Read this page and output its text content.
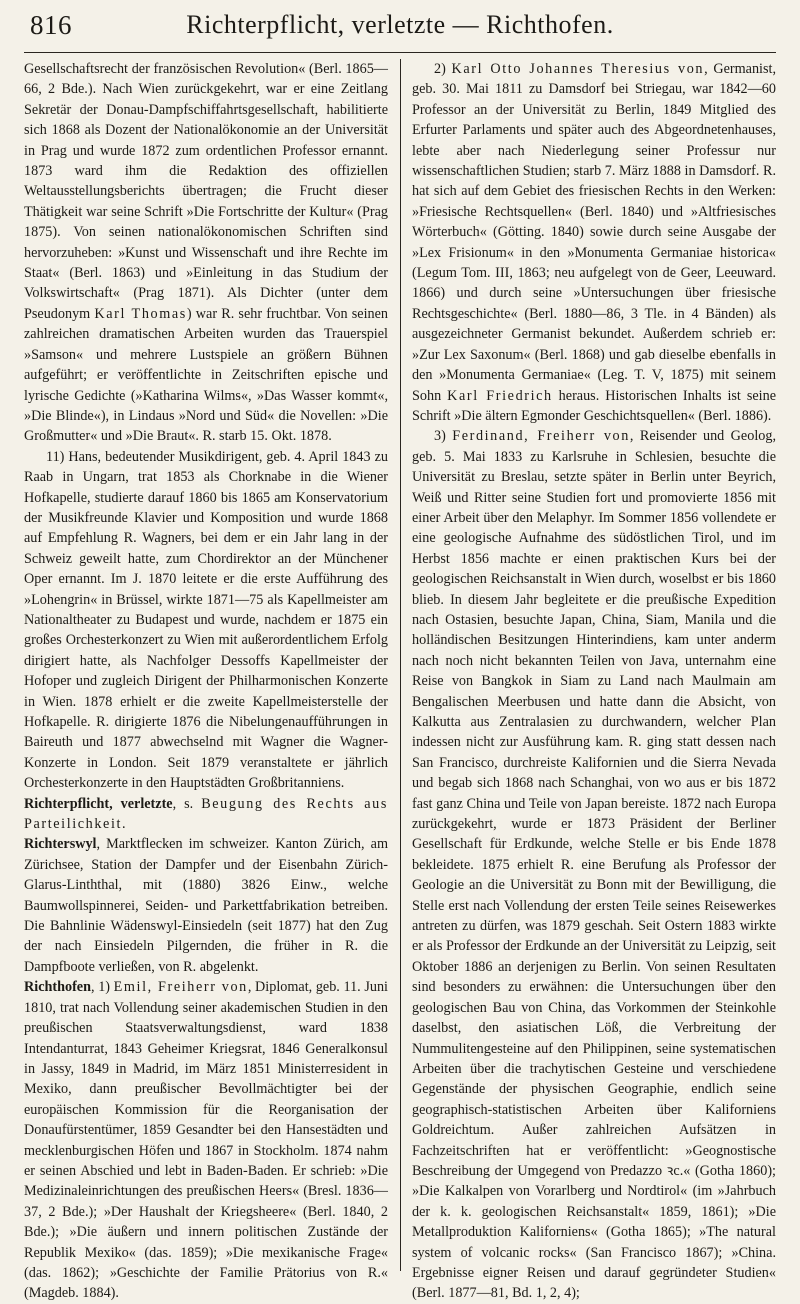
816	Richterpflicht, verletzte — Richthofen.

Gesellschaftsrecht der französischen Revolution« (Berl. 1865—66, 2 Bde.). Nach Wien zurückgekehrt, war er eine Zeitlang Sekretär der Donau-Dampfschiffahrtsgesellschaft, habilitierte sich 1868 als Dozent der Nationalökonomie an der Universität in Prag und wurde 1872 zum ordentlichen Professor ernannt. 1873 ward ihm die Redaktion des offiziellen Weltausstellungsberichts übertragen; die Frucht dieser Thätigkeit war seine Schrift »Die Fortschritte der Kultur« (Prag 1875). Von seinen nationalökonomischen Schriften sind hervorzuheben: »Kunst und Wissenschaft und ihre Rechte im Staat« (Berl. 1863) und »Einleitung in das Studium der Volkswirtschaft« (Prag 1871). Als Dichter (unter dem Pseudonym Karl Thomas) war R. sehr fruchtbar. Von seinen zahlreichen dramatischen Arbeiten wurden das Trauerspiel »Samson« und mehrere Lustspiele an größern Bühnen aufgeführt; er veröffentlichte in Zeitschriften epische und lyrische Gedichte (»Katharina Wilms«, »Das Wasser kommt«, »Die Blinde«), in Lindaus »Nord und Süd« die Novellen: »Die Großmutter« und »Die Braut«. R. starb 15. Okt. 1878.

11) Hans, bedeutender Musikdirigent, geb. 4. April 1843 zu Raab in Ungarn, trat 1853 als Chorknabe in die Wiener Hofkapelle, studierte darauf 1860 bis 1865 am Konservatorium der Musikfreunde Klavier und Komposition und wurde 1868 auf Empfehlung R. Wagners, bei dem er ein Jahr lang in der Schweiz geweilt hatte, zum Chordirektor an der Münchener Oper ernannt. Im J. 1870 leitete er die erste Aufführung des »Lohengrin« in Brüssel, wirkte 1871—75 als Kapellmeister am Nationaltheater zu Budapest und wurde, nachdem er 1875 ein großes Orchesterkonzert zu Wien mit außerordentlichem Erfolg dirigiert hatte, als Nachfolger Dessoffs Kapellmeister der Hofoper und zugleich Dirigent der Philharmonischen Konzerte in Wien. 1878 erhielt er die zweite Kapellmeisterstelle der Hofkapelle. R. dirigierte 1876 die Nibelungenaufführungen in Baireuth und 1877 abwechselnd mit Wagner die Wagner-Konzerte in London. Seit 1879 veranstaltete er jährlich Orchesterkonzerte in den Hauptstädten Großbritanniens.

Richterpflicht, verletzte, s. Beugung des Rechts aus Parteilichkeit.

Richterswyl, Marktflecken im schweizer. Kanton Zürich, am Zürichsee, Station der Dampfer und der Eisenbahn Zürich-Glarus-Linththal, mit (1880) 3826 Einw., welche Baumwollspinnerei, Seiden- und Parkettfabrikation betreiben. Die Bahnlinie Wädenswyl-Einsiedeln (seit 1877) hat den Zug der nach Einsiedeln Pilgernden, die früher in R. die Dampfboote verließen, von R. abgelenkt.

Richthofen, 1) Emil, Freiherr von, Diplomat, geb. 11. Juni 1810, trat nach Vollendung seiner akademischen Studien in den preußischen Staatsverwaltungsdienst, ward 1838 Intendanturrat, 1843 Geheimer Kriegsrat, 1846 Generalkonsul in Jassy, 1849 in Madrid, im März 1851 Ministerresident in Mexiko, dann preußischer Bevollmächtigter bei der europäischen Kommission für die Reorganisation der Donaufürstentümer, 1859 Gesandter bei den Hansestädten und mecklenburgischen Höfen und 1867 in Stockholm. 1874 nahm er seinen Abschied und lebt in Baden-Baden. Er schrieb: »Die Medizinaleinrichtungen des preußischen Heers« (Bresl. 1836—37, 2 Bde.); »Der Haushalt der Kriegsheere« (Berl. 1840, 2 Bde.); »Die äußern und innern politischen Zustände der Republik Mexiko« (das. 1859); »Die mexikanische Frage« (das. 1862); »Geschichte der Familie Prätorius von R.« (Magdeb. 1884).

2) Karl Otto Johannes Theresius von, Germanist, geb. 30. Mai 1811 zu Damsdorf bei Striegau, war 1842—60 Professor an der Universität zu Berlin, 1849 Mitglied des Erfurter Parlaments und später auch des Abgeordnetenhauses, lebte aber nach Niederlegung seiner Professur nur wissenschaftlichen Studien; starb 7. März 1888 in Damsdorf. R. hat sich auf dem Gebiet des friesischen Rechts in den Werken: »Friesische Rechtsquellen« (Berl. 1840) und »Altfriesisches Wörterbuch« (Götting. 1840) sowie durch seine Ausgabe der »Lex Frisionum« in den »Monumenta Germaniae historica« (Legum Tom. III, 1863; neu aufgelegt von de Geer, Leeuward. 1866) und durch seine »Untersuchungen über friesische Rechtsgeschichte« (Berl. 1880—86, 3 Tle. in 4 Bänden) als ausgezeichneter Germanist bekundet. Außerdem schrieb er: »Zur Lex Saxonum« (Berl. 1868) und gab dieselbe ebenfalls in den »Monumenta Germaniae« (Leg. T. V, 1875) mit seinem Sohn Karl Friedrich heraus. Historischen Inhalts ist seine Schrift »Die ältern Egmonder Geschichtsquellen« (Berl. 1886).

3) Ferdinand, Freiherr von, Reisender und Geolog, geb. 5. Mai 1833 zu Karlsruhe in Schlesien, besuchte die Universität zu Breslau, setzte später in Berlin unter Beyrich, Weiß und Ritter seine Studien fort und promovierte 1856 mit einer Arbeit über den Melaphyr. Im Sommer 1856 vollendete er eine geologische Aufnahme des südöstlichen Tirol, und im Herbst 1856 machte er einen praktischen Kurs bei der geologischen Reichsanstalt in Wien durch, woselbst er bis 1860 blieb. In diesem Jahr begleitete er die preußische Expedition nach Ostasien, besuchte Japan, China, Siam, Manila und die holländischen Besitzungen Hinterindiens, kam unter anderm nach noch nicht bekannten Teilen von Java, unternahm eine Reise von Bangkok in Siam zu Land nach Maulmain am Bengalischen Meerbusen und hatte dann die Absicht, von Kalkutta aus Zentralasien zu durchwandern, welcher Plan indessen nicht zur Ausführung kam. R. ging statt dessen nach San Francisco, durchreiste Kalifornien und die Sierra Nevada und begab sich 1868 nach Schanghai, von wo aus er bis 1872 fast ganz China und Teile von Japan bereiste. 1872 nach Europa zurückgekehrt, wurde er 1873 Präsident der Berliner Gesellschaft für Erdkunde, welche Stelle er bis Ende 1878 bekleidete. 1875 erhielt R. eine Berufung als Professor der Geologie an die Universität zu Bonn mit der Bewilligung, die Stelle erst nach Vollendung der ersten Teile seines Reisewerkes antreten zu dürfen, was 1879 geschah. Seit Ostern 1883 wirkte er als Professor der Erdkunde an der Universität zu Leipzig, seit Oktober 1886 an derjenigen zu Berlin. Von seinen Resultaten sind besonders zu erwähnen: die Untersuchungen über den geologischen Bau von China, das Vorkommen der Steinkohle daselbst, den asiatischen Löß, die Verbreitung der Nummulitengesteine auf den Philippinen, seine systematischen Arbeiten über die trachytischen Gesteine und verschiedene Gegenstände der physischen Geographie, endlich seine geographisch-statistischen Arbeiten über Kaliforniens Goldreichtum. Außer zahlreichen Aufsätzen in Fachzeitschriften hat er veröffentlicht: »Geognostische Beschreibung der Umgegend von Predazzo ꝛc.« (Gotha 1860); »Die Kalkalpen von Vorarlberg und Nordtirol« (im »Jahrbuch der k. k. geologischen Reichsanstalt« 1859, 1861); »Die Metallproduktion Kaliforniens« (Gotha 1865); »The natural system of volcanic rocks« (San Francisco 1867); »China. Ergebnisse eigner Reisen und darauf gegründeter Studien« (Berl. 1877—81, Bd. 1, 2, 4);
